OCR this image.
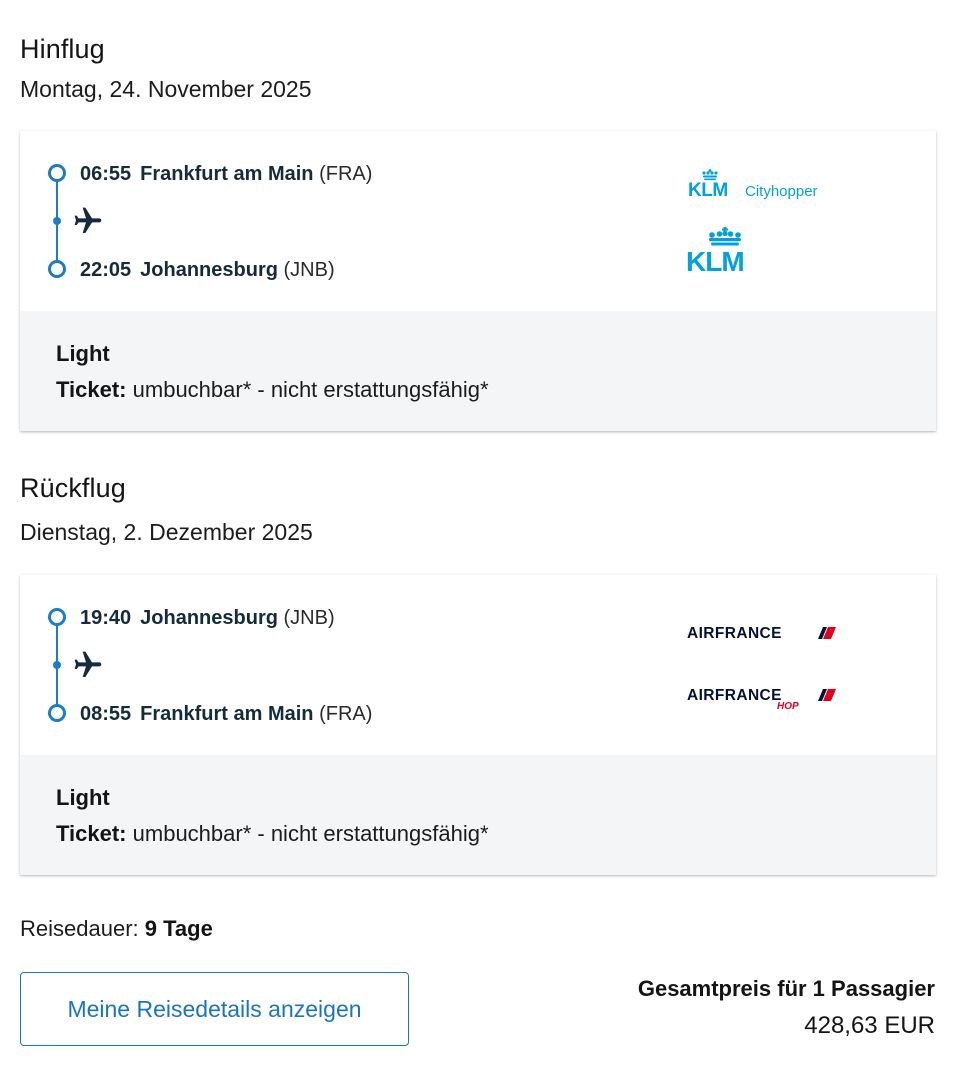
Hinflug
Montag, 24. November 2025
06:55 Frankfurt am Main (FRA)
22:05 Johannesburg (JNB)
KLM Cityhopper
KLM
Light
Ticket: umbuchbar* - nicht erstattungsfähig*
Rückflug
Dienstag, 2. Dezember 2025
19:40 Johannesburg (JNB)
08:55 Frankfurt am Main (FRA)
AIRFRANCE
AIRFRANCE
HOP
Light
Ticket: umbuchbar* - nicht erstattungsfähig*
Reisedauer: 9 Tage
Meine Reisedetails anzeigen
Gesamtpreis für 1 Passagier
428,63 EUR
